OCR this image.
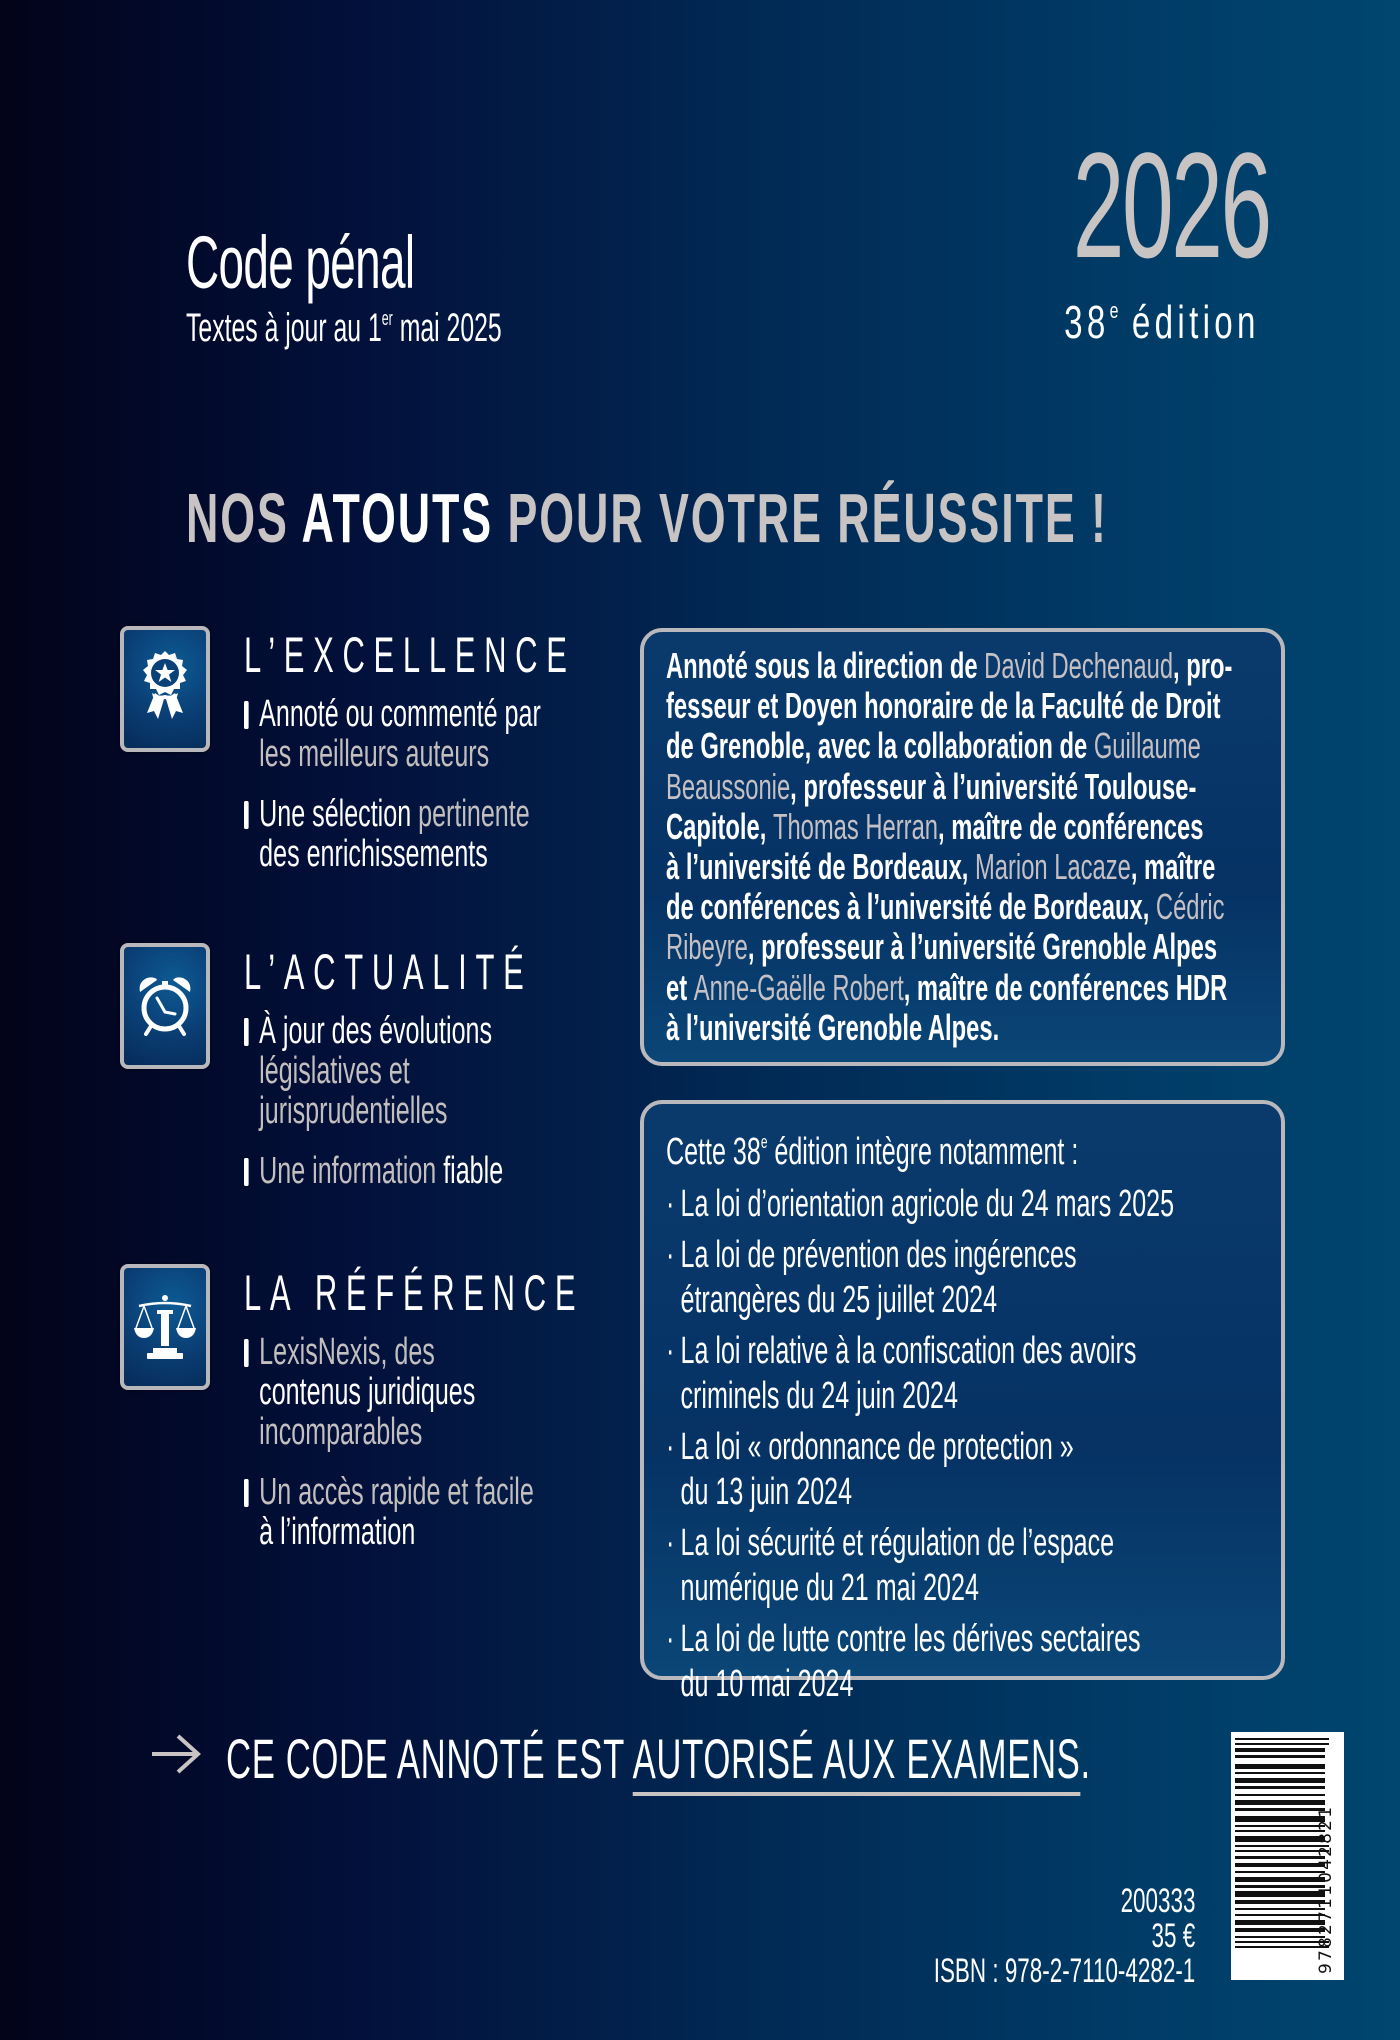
Code pénal
Textes à jour au 1er mai 2025
2026
38e édition
NOS ATOUTS POUR VOTRE RÉUSSITE !
L’EXCELLENCE
Annoté ou commenté par
les meilleurs auteurs
Une sélection pertinente
des enrichissements
L’ACTUALITÉ
À jour des évolutions
législatives et
jurisprudentielles
Une information fiable
LA RÉFÉRENCE
LexisNexis, des
contenus juridiques
incomparables
Un accès rapide et facile
à l’information
Annoté sous la direction de David Dechenaud, pro-
fesseur et Doyen honoraire de la Faculté de Droit
de Grenoble, avec la collaboration de Guillaume
Beaussonie, professeur à l’université Toulouse-
Capitole, Thomas Herran, maître de conférences
à l’université de Bordeaux, Marion Lacaze, maître
de conférences à l’université de Bordeaux, Cédric
Ribeyre, professeur à l’université Grenoble Alpes
et Anne-Gaëlle Robert, maître de conférences HDR
à l’université Grenoble Alpes.
Cette 38e édition intègre notamment :
· La loi d’orientation agricole du 24 mars 2025
· La loi de prévention des ingérences
étrangères du 25 juillet 2024
· La loi relative à la confiscation des avoirs
criminels du 24 juin 2024
· La loi « ordonnance de protection »
du 13 juin 2024
· La loi sécurité et régulation de l’espace
numérique du 21 mai 2024
· La loi de lutte contre les dérives sectaires
du 10 mai 2024
CE CODE ANNOTÉ EST AUTORISÉ AUX EXAMENS.
200333
35 €
ISBN : 978-2-7110-4282-1	9782711042821
